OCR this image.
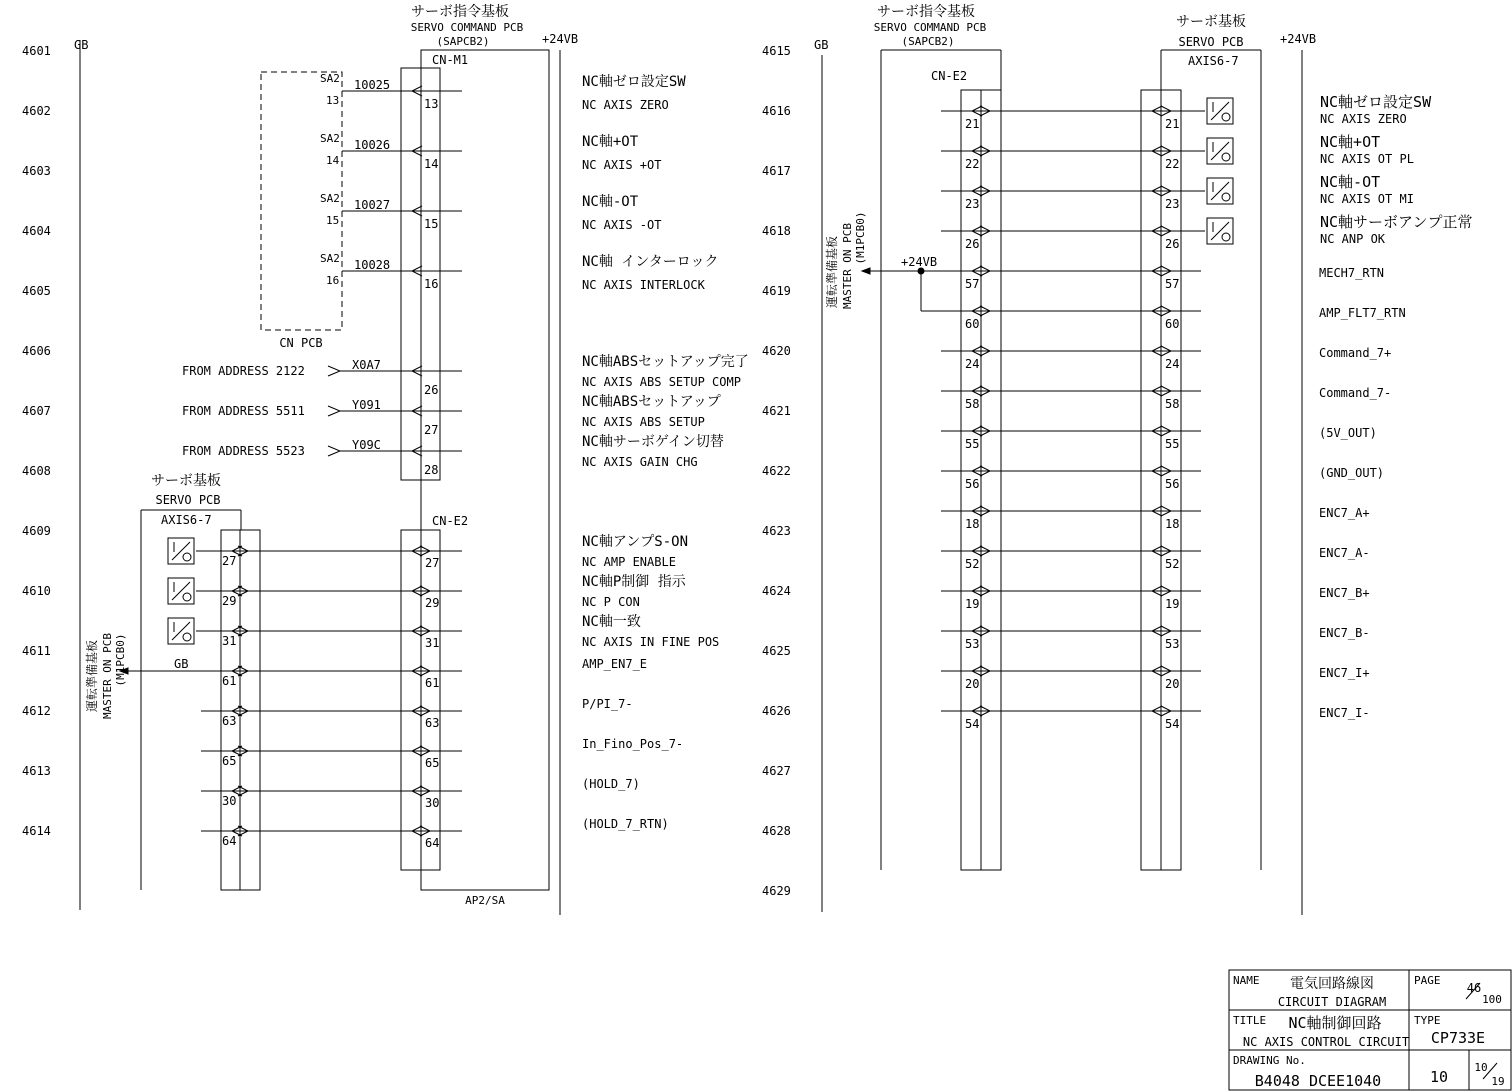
GB	+24VB	GB	+24VB
4601
4602
4603
4604
4605
4606
4607
4608
4609
4610
4611
4612
4613
4614
4615
4616
4617
4618
4619
4620
4621
4622
4623
4624
4625
4626
4627
4628
4629
サーボ指令基板
SERVO COMMAND PCB
(SAPCB2)
AP2/SA
CN-M1
CN PCB
SA2
13
10025
13
SA2
14
10026
14
SA2
15
10027
15
SA2
16
10028
16
FROM ADDRESS 2122	X0A7
26
FROM ADDRESS 5511	Y091
27
FROM ADDRESS 5523	Y09C
28
サーボ基板
SERVO PCB
AXIS6-7	CN-E2
27	27
29	29
31	31
61	61
63	63
65	65
30	30
64	64
GB
運転準備基板 MASTER ON PCB (M1PCB0)
NC軸ゼロ設定SW
NC AXIS ZERO
NC軸+OT
NC AXIS +OT
NC軸-OT
NC AXIS -OT
NC軸 インターロック
NC AXIS INTERLOCK
NC軸ABSセットアップ完了
NC AXIS ABS SETUP COMP
NC軸ABSセットアップ
NC AXIS ABS SETUP
NC軸サーボゲイン切替
NC AXIS GAIN CHG
NC軸アンプS-ON
NC AMP ENABLE
NC軸P制御 指示
NC P CON
NC軸一致
NC AXIS IN FINE POS
AMP_EN7_E
P/PI_7-
In_Fino_Pos_7-
(HOLD_7)
(HOLD_7_RTN)
サーボ指令基板
SERVO COMMAND PCB
(SAPCB2)
CN-E2
サーボ基板
SERVO PCB
AXIS6-7
21	21
22	22
23	23
26	26
57	57
60	60
24	24
58	58
55	55
56	56
18	18
52	52
19	19
53	53
20	20
54	54
+24VB
運転準備基板 MASTER ON PCB (M1PCB0)
NC軸ゼロ設定SW
NC AXIS ZERO
NC軸+OT
NC AXIS OT PL
NC軸-OT
NC AXIS OT MI
NC軸サーボアンプ正常
NC ANP OK
MECH7_RTN
AMP_FLT7_RTN
Command_7+
Command_7-
(5V_OUT)
(GND_OUT)
ENC7_A+
ENC7_A-
ENC7_B+
ENC7_B-
ENC7_I+
ENC7_I-
NAME 電気回路線図
CIRCUIT DIAGRAM
PAGE
46
100
TITLE NC軸制御回路
NC AXIS CONTROL CIRCUIT
TYPE
CP733E
DRAWING No.
B4048 DCEE1040	10
10
19
